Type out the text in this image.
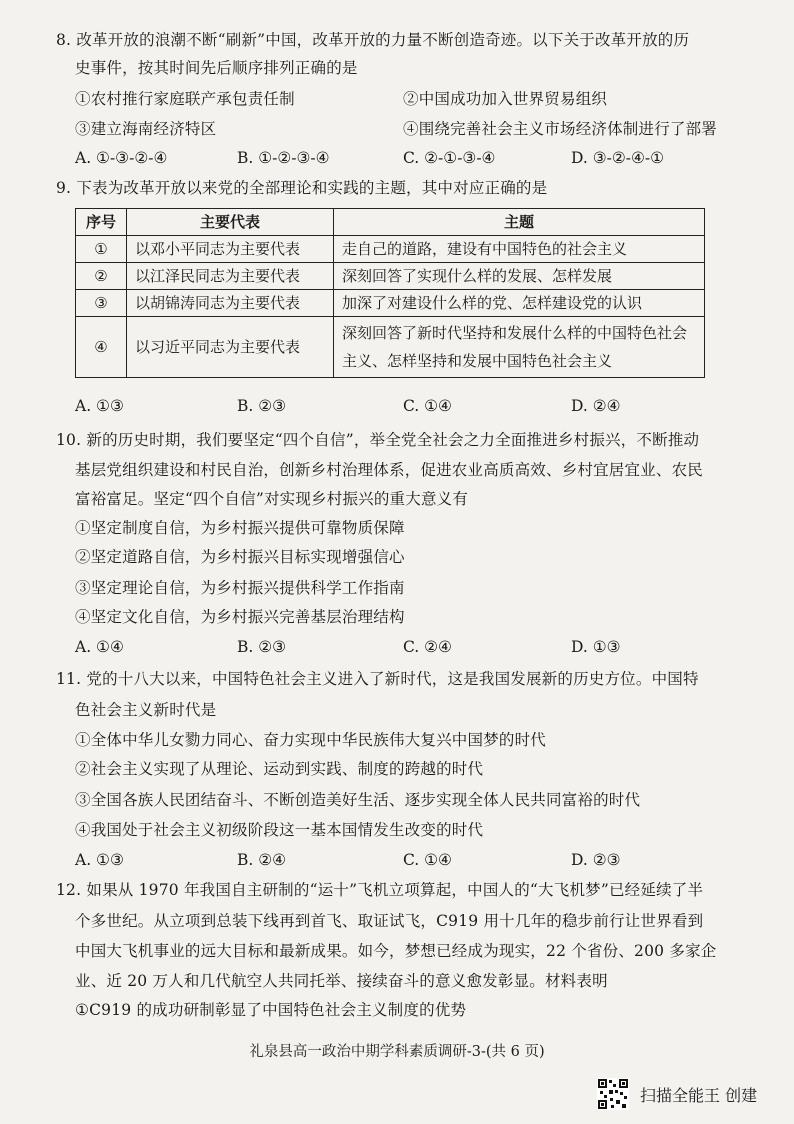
8. 改革开放的浪潮不断“刷新”中国，改革开放的力量不断创造奇迹。以下关于改革开放的历
史事件，按其时间先后顺序排列正确的是
①农村推行家庭联产承包责任制	②中国成功加入世界贸易组织
③建立海南经济特区	④围绕完善社会主义市场经济体制进行了部署
A. ①-③-②-④	B. ①-②-③-④	C. ②-①-③-④	D. ③-②-④-①
9. 下表为改革开放以来党的全部理论和实践的主题，其中对应正确的是
序号	主要代表	主题
①	以邓小平同志为主要代表	走自己的道路，建设有中国特色的社会主义
②	以江泽民同志为主要代表	深刻回答了实现什么样的发展、怎样发展
③	以胡锦涛同志为主要代表	加深了对建设什么样的党、怎样建设党的认识
④	以习近平同志为主要代表	深刻回答了新时代坚持和发展什么样的中国特色社会主义、怎样坚持和发展中国特色社会主义
A. ①③	B. ②③	C. ①④	D. ②④
10. 新的历史时期，我们要坚定“四个自信”，举全党全社会之力全面推进乡村振兴，不断推动
基层党组织建设和村民自治，创新乡村治理体系，促进农业高质高效、乡村宜居宜业、农民
富裕富足。坚定“四个自信”对实现乡村振兴的重大意义有
①坚定制度自信，为乡村振兴提供可靠物质保障
②坚定道路自信，为乡村振兴目标实现增强信心
③坚定理论自信，为乡村振兴提供科学工作指南
④坚定文化自信，为乡村振兴完善基层治理结构
A. ①④	B. ②③	C. ②④	D. ①③
11. 党的十八大以来，中国特色社会主义进入了新时代，这是我国发展新的历史方位。中国特
色社会主义新时代是
①全体中华儿女勠力同心、奋力实现中华民族伟大复兴中国梦的时代
②社会主义实现了从理论、运动到实践、制度的跨越的时代
③全国各族人民团结奋斗、不断创造美好生活、逐步实现全体人民共同富裕的时代
④我国处于社会主义初级阶段这一基本国情发生改变的时代
A. ①③	B. ②④	C. ①④	D. ②③
12. 如果从 1970 年我国自主研制的“运十”飞机立项算起，中国人的“大飞机梦”已经延续了半
个多世纪。从立项到总装下线再到首飞、取证试飞，C919 用十几年的稳步前行让世界看到
中国大飞机事业的远大目标和最新成果。如今，梦想已经成为现实，22 个省份、200 多家企
业、近 20 万人和几代航空人共同托举、接续奋斗的意义愈发彰显。材料表明
①C919 的成功研制彰显了中国特色社会主义制度的优势
礼泉县高一政治中期学科素质调研-3-(共 6 页)
扫描全能王 创建
